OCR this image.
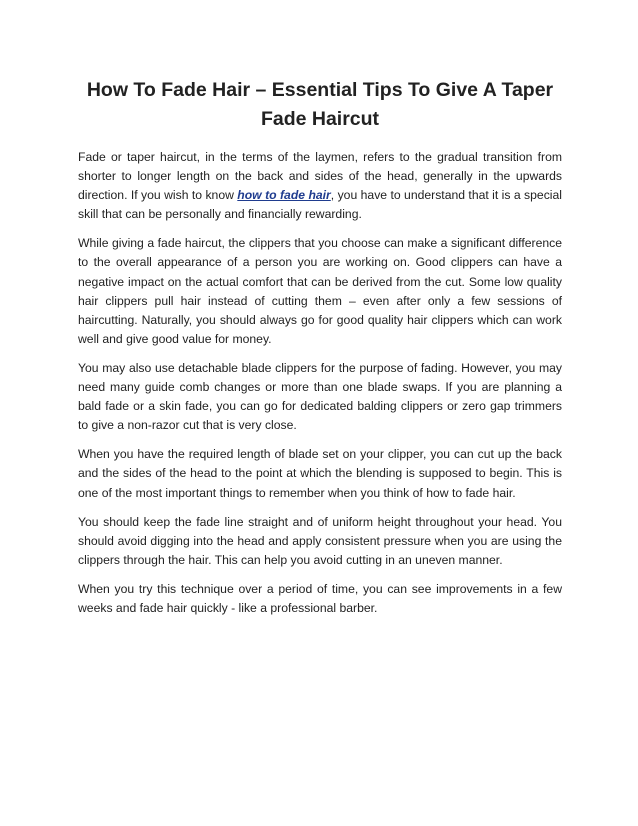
How To Fade Hair – Essential Tips To Give A Taper Fade Haircut

Fade or taper haircut, in the terms of the laymen, refers to the gradual transition from shorter to longer length on the back and sides of the head, generally in the upwards direction. If you wish to know how to fade hair, you have to understand that it is a special skill that can be personally and financially rewarding.

While giving a fade haircut, the clippers that you choose can make a significant difference to the overall appearance of a person you are working on. Good clippers can have a negative impact on the actual comfort that can be derived from the cut. Some low quality hair clippers pull hair instead of cutting them – even after only a few sessions of haircutting. Naturally, you should always go for good quality hair clippers which can work well and give good value for money.

You may also use detachable blade clippers for the purpose of fading. However, you may need many guide comb changes or more than one blade swaps. If you are planning a bald fade or a skin fade, you can go for dedicated balding clippers or zero gap trimmers to give a non-razor cut that is very close.

When you have the required length of blade set on your clipper, you can cut up the back and the sides of the head to the point at which the blending is supposed to begin. This is one of the most important things to remember when you think of how to fade hair.

You should keep the fade line straight and of uniform height throughout your head. You should avoid digging into the head and apply consistent pressure when you are using the clippers through the hair. This can help you avoid cutting in an uneven manner.

When you try this technique over a period of time, you can see improvements in a few weeks and fade hair quickly - like a professional barber.
